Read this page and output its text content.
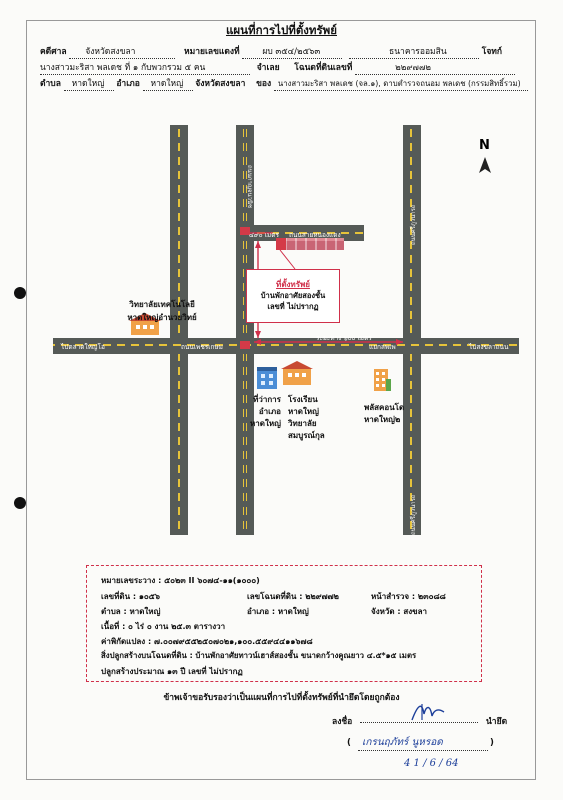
แผนที่การไปที่ตั้งทรัพย์
คดีศาล จังหวัดสงขลา	หมายเลขแดงที่	ผบ ๓๕๔/๒๕๖๓	ธนาคารออมสิน	โจทก์
นางสาวมะริสา พลเดช ที่ ๑ กับพวกรวม ๕ คน	จำเลย โฉนดที่ดินเลขที่	๒๒๙๗๗๒
ตำบล หาดใหญ่ อำเภอ หาดใหญ่ จังหวัดสงขลา ของ นางสาวมะริสา พลเดช (จล.๑), ดาบตำรวจถนอม พลเดช (กรรมสิทธิ์รวม)
N
ไปตลาดใหญ่โอ	ถนนเพชรเกษม	ไปสงขลาถนน
ระยะทาง ๖๐๐ เมตร
แยกลพเพ
๔๙๐ เมตร ถนนสายหนองแดง
ถนนกาญจนวนิช
ถนนศรีภูวนารถ
ถนนศรีภูวนารถ
วิทยาลัยเทคโนโลยี
หาดใหญ่อำนวยวิทย์
ที่ตั้งทรัพย์
บ้านพักอาศัยสองชั้น
เลขที่ ไม่ปรากฏ
ที่ว่าการ
อำเภอ
หาดใหญ่
โรงเรียน
หาดใหญ่
วิทยาลัย
สมบูรณ์กุล
พลัสคอนโด
หาดใหญ่๒
หมายเลขระวาง : ๕๐๒๓ II ๖๐๗๔-๑๑(๑๐๐๐)
เลขที่ดิน : ๑๐๕๖	เลขโฉนดที่ดิน : ๒๒๙๗๗๒	หน้าสำรวจ : ๒๓๐๘๘
ตำบล : หาดใหญ่	อำเภอ : หาดใหญ่	จังหวัด : สงขลา
เนื้อที่ : ๐ ไร่ ๐ งาน ๒๕.๓ ตารางวา
ค่าพิกัดแปลง : ๗.๐๐๗๙๕๕๒๕๐๗๐๒๑,๑๐๐.๕๕๙๔๔๑๑๖๗๘
สิ่งปลูกสร้างบนโฉนดที่ดิน : บ้านพักอาศัยทาวน์เฮาส์สองชั้น ขนาดกว้างคูณยาว ๔.๕*๑๕ เมตร
ปลูกสร้างประมาณ ๑๓ ปี เลขที่ ไม่ปรากฏ
ข้าพเจ้าขอรับรองว่าเป็นแผนที่การไปที่ตั้งทรัพย์ที่นำยึดโดยถูกต้อง
ลงชื่อ	นำยึด
( เกรนฤภัทร์ นูหรอด	)
4 1 / 6 / 64
